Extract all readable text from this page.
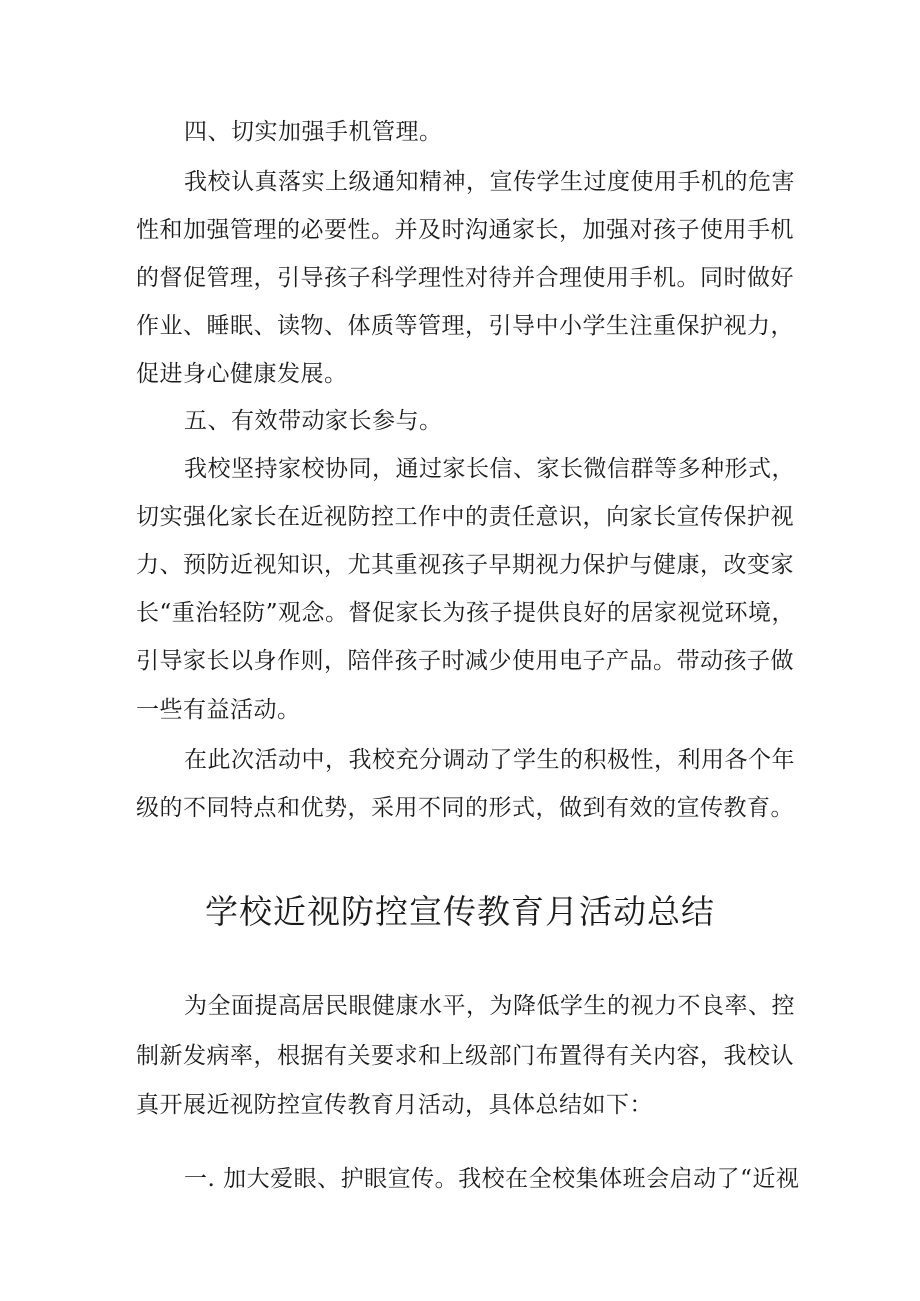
四、切实加强手机管理。
我校认真落实上级通知精神，宣传学生过度使用手机的危害
性和加强管理的必要性。并及时沟通家长，加强对孩子使用手机
的督促管理，引导孩子科学理性对待并合理使用手机。同时做好
作业、睡眠、读物、体质等管理，引导中小学生注重保护视力，
促进身心健康发展。
五、有效带动家长参与。
我校坚持家校协同，通过家长信、家长微信群等多种形式，
切实强化家长在近视防控工作中的责任意识，向家长宣传保护视
力、预防近视知识，尤其重视孩子早期视力保护与健康，改变家
长“重治轻防”观念。督促家长为孩子提供良好的居家视觉环境，
引导家长以身作则，陪伴孩子时减少使用电子产品。带动孩子做
一些有益活动。
在此次活动中，我校充分调动了学生的积极性，利用各个年
级的不同特点和优势，采用不同的形式，做到有效的宣传教育。
学校近视防控宣传教育月活动总结
为全面提高居民眼健康水平，为降低学生的视力不良率、控
制新发病率，根据有关要求和上级部门布置得有关内容，我校认
真开展近视防控宣传教育月活动，具体总结如下：
一. 加大爱眼、护眼宣传。我校在全校集体班会启动了“近视
